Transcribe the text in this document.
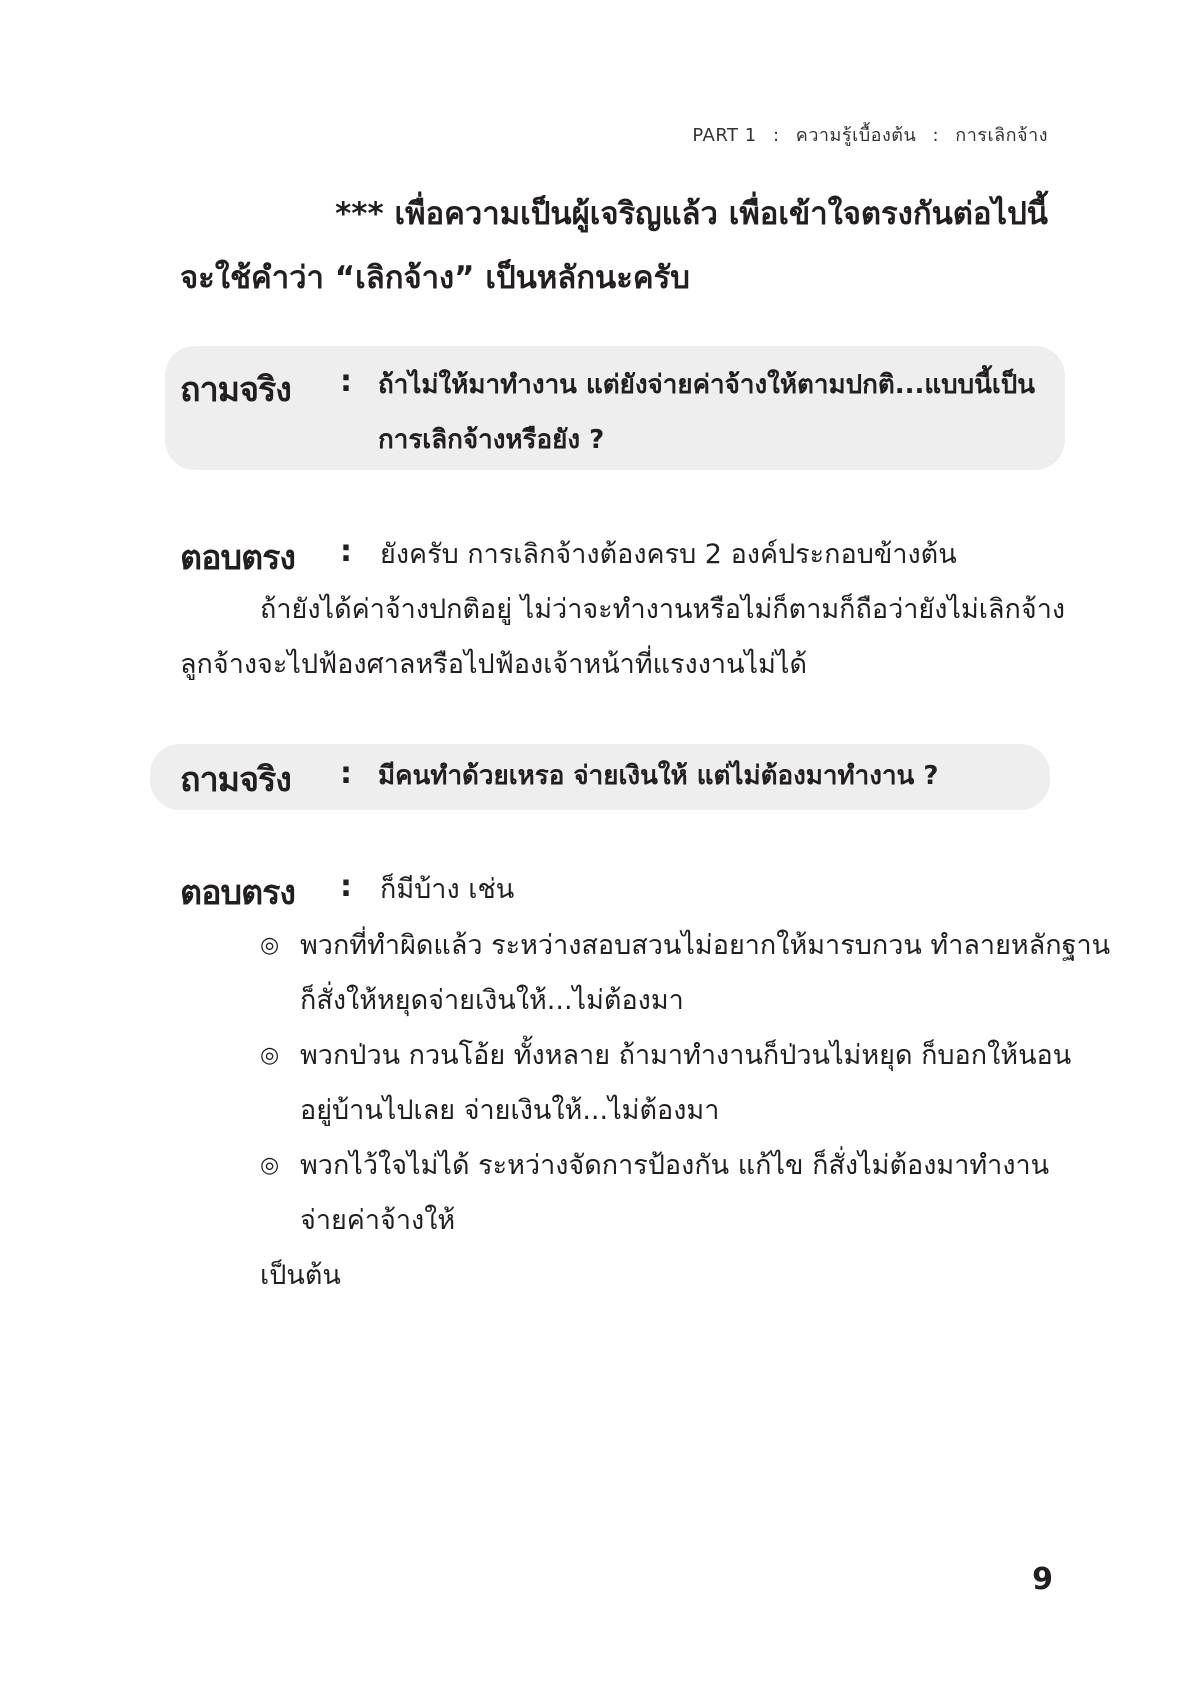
PART 1 : ความรู้เบื้องต้น : การเลิกจ้าง
*** เพื่อความเป็นผู้เจริญแล้ว เพื่อเข้าใจตรงกันต่อไปนี้
จะใช้คำว่า “เลิกจ้าง” เป็นหลักนะครับ
ถามจริง : ถ้าไม่ให้มาทำงาน แต่ยังจ่ายค่าจ้างให้ตามปกติ...แบบนี้เป็น
การเลิกจ้างหรือยัง ?
ตอบตรง : ยังครับ การเลิกจ้างต้องครบ 2 องค์ประกอบข้างต้น
ถ้ายังได้ค่าจ้างปกติอยู่ ไม่ว่าจะทำงานหรือไม่ก็ตามก็ถือว่ายังไม่เลิกจ้าง
ลูกจ้างจะไปฟ้องศาลหรือไปฟ้องเจ้าหน้าที่แรงงานไม่ได้
ถามจริง : มีคนทำด้วยเหรอ จ่ายเงินให้ แต่ไม่ต้องมาทำงาน ?
ตอบตรง : ก็มีบ้าง เช่น
◎ พวกที่ทำผิดแล้ว ระหว่างสอบสวนไม่อยากให้มารบกวน ทำลายหลักฐาน
ก็สั่งให้หยุดจ่ายเงินให้...ไม่ต้องมา
◎ พวกป่วน กวนโอ้ย ทั้งหลาย ถ้ามาทำงานก็ป่วนไม่หยุด ก็บอกให้นอน
อยู่บ้านไปเลย จ่ายเงินให้...ไม่ต้องมา
◎ พวกไว้ใจไม่ได้ ระหว่างจัดการป้องกัน แก้ไข ก็สั่งไม่ต้องมาทำงาน
จ่ายค่าจ้างให้
เป็นต้น
9
